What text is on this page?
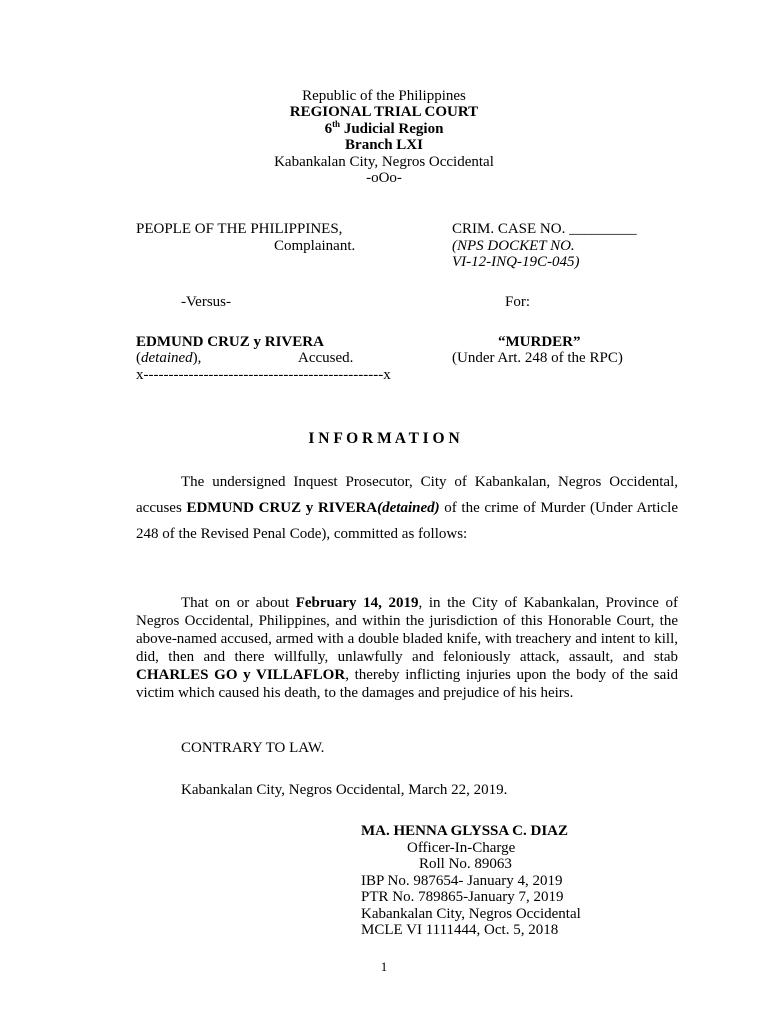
Republic of the Philippines
REGIONAL TRIAL COURT
6th Judicial Region
Branch LXI
Kabankalan City, Negros Occidental
-oOo-
PEOPLE OF THE PHILIPPINES,
Complainant.
CRIM. CASE NO. _________
(NPS DOCKET NO.
VI-12-INQ-19C-045)
-Versus-	For:
EDMUND CRUZ y RIVERA	“MURDER”
(detained),	Accused.	(Under Art. 248 of the RPC)
x------------------------------------------------x
I N F O R M A T I O N

The undersigned Inquest Prosecutor, City of Kabankalan, Negros Occidental, accuses EDMUND CRUZ y RIVERA(detained) of the crime of Murder (Under Article 248 of the Revised Penal Code), committed as follows:

That on or about February 14, 2019, in the City of Kabankalan, Province of Negros Occidental, Philippines, and within the jurisdiction of this Honorable Court, the above-named accused, armed with a double bladed knife, with treachery and intent to kill, did, then and there willfully, unlawfully and feloniously attack, assault, and stab CHARLES GO y VILLAFLOR, thereby inflicting injuries upon the body of the said victim which caused his death, to the damages and prejudice of his heirs.

CONTRARY TO LAW.
Kabankalan City, Negros Occidental, March 22, 2019.
MA. HENNA GLYSSA C. DIAZ
Officer-In-Charge
Roll No. 89063
IBP No. 987654- January 4, 2019
PTR No. 789865-January 7, 2019
Kabankalan City, Negros Occidental
MCLE VI 1111444, Oct. 5, 2018
1
